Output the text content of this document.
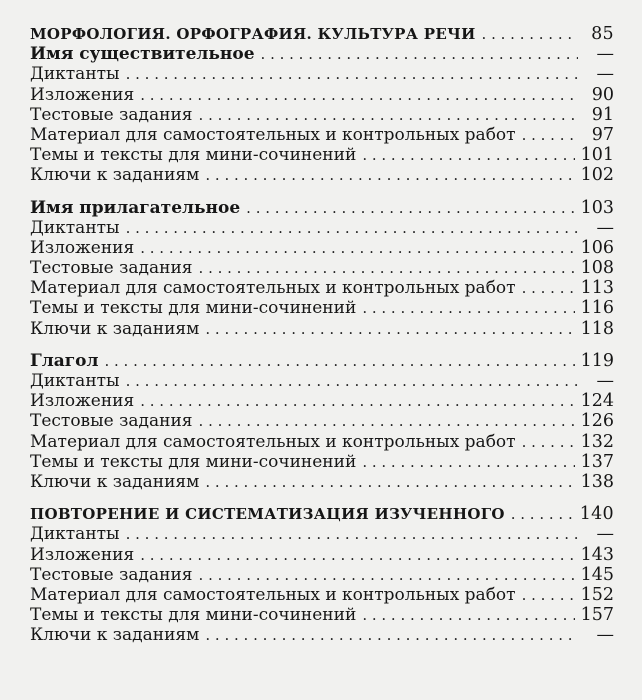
МОРФОЛОГИЯ. ОРФОГРАФИЯ. КУЛЬТУРА РЕЧИ . . .	85
Имя существительное . . .	—
Диктанты . . .	—
Изложения . . .	90
Тестовые задания . . .	91
Материал для самостоятельных и контрольных работ . . .	97
Темы и тексты для мини-сочинений . . .	101
Ключи к заданиям . . .	102
Имя прилагательное . . .	103
Диктанты . . .	—
Изложения . . .	106
Тестовые задания . . .	108
Материал для самостоятельных и контрольных работ . . .	113
Темы и тексты для мини-сочинений . . .	116
Ключи к заданиям . . .	118
Глагол . . .	119
Диктанты . . .	—
Изложения . . .	124
Тестовые задания . . .	126
Материал для самостоятельных и контрольных работ . . .	132
Темы и тексты для мини-сочинений . . .	137
Ключи к заданиям . . .	138
ПОВТОРЕНИЕ И СИСТЕМАТИЗАЦИЯ ИЗУЧЕННОГО . . .	140
Диктанты . . .	—
Изложения . . .	143
Тестовые задания . . .	145
Материал для самостоятельных и контрольных работ . . .	152
Темы и тексты для мини-сочинений . . .	157
Ключи к заданиям . . .	—
